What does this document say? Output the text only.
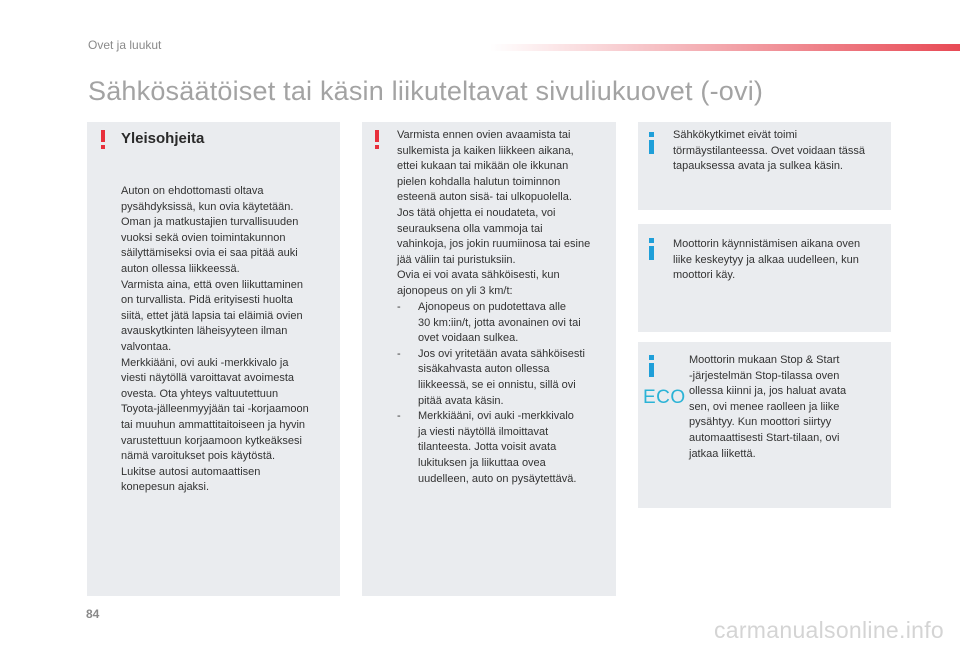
Ovet ja luukut
Sähkösäätöiset tai käsin liikuteltavat sivuliukuovet (-ovi)
Yleisohjeita
Auton on ehdottomasti oltava
pysähdyksissä, kun ovia käytetään.
Oman ja matkustajien turvallisuuden
vuoksi sekä ovien toimintakunnon
säilyttämiseksi ovia ei saa pitää auki
auton ollessa liikkeessä.
Varmista aina, että oven liikuttaminen
on turvallista. Pidä erityisesti huolta
siitä, ettet jätä lapsia tai eläimiä ovien
avauskytkinten läheisyyteen ilman
valvontaa.
Merkkiääni, ovi auki -merkkivalo ja
viesti näytöllä varoittavat avoimesta
ovesta. Ota yhteys valtuutettuun
Toyota-jälleenmyyjään tai -korjaamoon
tai muuhun ammattitaitoiseen ja hyvin
varustettuun korjaamoon kytkeäksesi
nämä varoitukset pois käytöstä.
Lukitse autosi automaattisen
konepesun ajaksi.
Varmista ennen ovien avaamista tai
sulkemista ja kaiken liikkeen aikana,
ettei kukaan tai mikään ole ikkunan
pielen kohdalla halutun toiminnon
esteenä auton sisä- tai ulkopuolella.
Jos tätä ohjetta ei noudateta, voi
seurauksena olla vammoja tai
vahinkoja, jos jokin ruumiinosa tai esine
jää väliin tai puristuksiin.
Ovia ei voi avata sähköisesti, kun
ajonopeus on yli 3 km/t:
- Ajonopeus on pudotettava alle
30 km:iin/t, jotta avonainen ovi tai
ovet voidaan sulkea.
- Jos ovi yritetään avata sähköisesti
sisäkahvasta auton ollessa
liikkeessä, se ei onnistu, sillä ovi
pitää avata käsin.
- Merkkiääni, ovi auki -merkkivalo
ja viesti näytöllä ilmoittavat
tilanteesta. Jotta voisit avata
lukituksen ja liikuttaa ovea
uudelleen, auto on pysäytettävä.
Sähkökytkimet eivät toimi
törmäystilanteessa. Ovet voidaan tässä
tapauksessa avata ja sulkea käsin.
Moottorin käynnistämisen aikana oven
liike keskeytyy ja alkaa uudelleen, kun
moottori käy.
ECO
Moottorin mukaan Stop & Start
-järjestelmän Stop-tilassa oven
ollessa kiinni ja, jos haluat avata
sen, ovi menee raolleen ja liike
pysähtyy. Kun moottori siirtyy
automaattisesti Start-tilaan, ovi
jatkaa liikettä.
84
carmanualsonline.info
